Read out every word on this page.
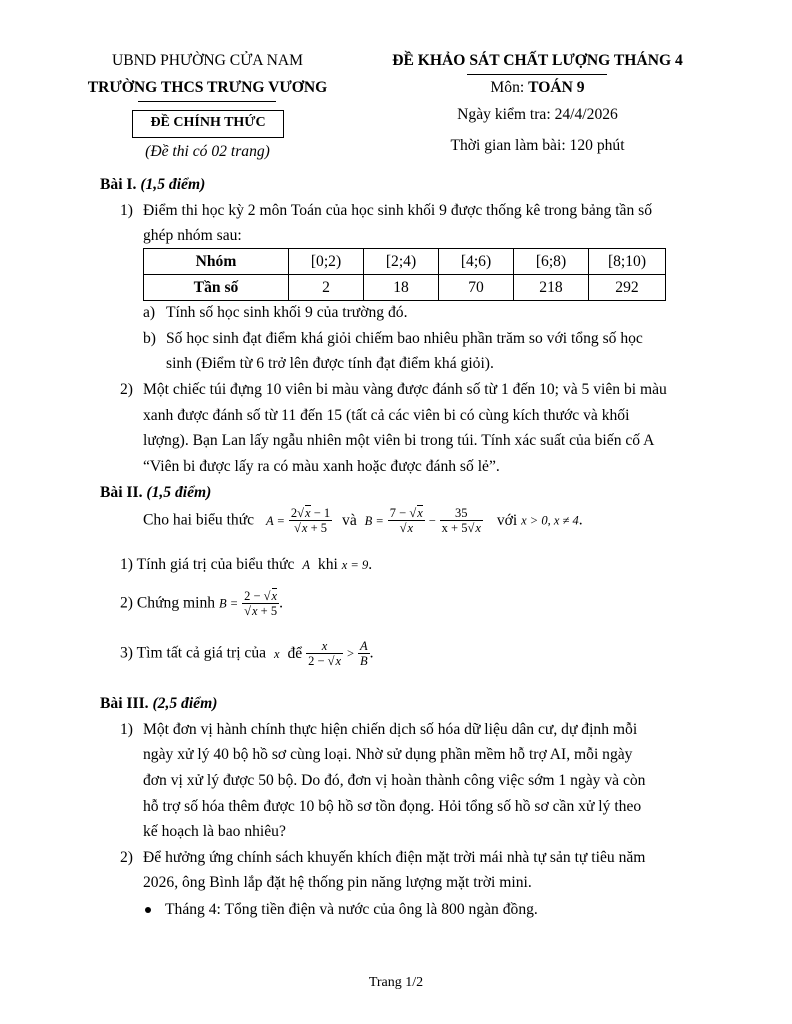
UBND PHƯỜNG CỬA NAM
TRƯỜNG THCS TRƯNG VƯƠNG
ĐỀ CHÍNH THỨC
(Đề thi có 02 trang)
ĐỀ KHẢO SÁT CHẤT LƯỢNG THÁNG 4
Môn: TOÁN 9
Ngày kiểm tra: 24/4/2026
Thời gian làm bài: 120 phút
Bài I. (1,5 điểm)
1) Điểm thi học kỳ 2 môn Toán của học sinh khối 9 được thống kê trong bảng tần số
ghép nhóm sau:
Nhóm	[0;2)	[2;4)	[4;6)	[6;8)	[8;10)
Tần số	2	18	70	218	292
a) Tính số học sinh khối 9 của trường đó.
b) Số học sinh đạt điểm khá giỏi chiếm bao nhiêu phần trăm so với tổng số học
sinh (Điểm từ 6 trở lên được tính đạt điểm khá giỏi).
2) Một chiếc túi đựng 10 viên bi màu vàng được đánh số từ 1 đến 10; và 5 viên bi màu
xanh được đánh số từ 11 đến 15 (tất cả các viên bi có cùng kích thước và khối
lượng). Bạn Lan lấy ngẫu nhiên một viên bi trong túi. Tính xác suất của biến cố A
“Viên bi được lấy ra có màu xanh hoặc được đánh số lẻ”.
Bài II. (1,5 điểm)
Cho hai biểu thức $A = \frac{2√x - 1}{√x + 5}$ và $B = \frac{7 - √x}{√x} - \frac{35}{x + 5√x}$ với x > 0, x ≠ 4.
1) Tính giá trị của biểu thức A khi x = 9.
2) Chứng minh $B = \frac{2 - √x}{√x + 5}$ .
3) Tìm tất cả giá trị của x để $\frac{x}{2 - √x} > \frac{A}{B}$ .
Bài III. (2,5 điểm)
1) Một đơn vị hành chính thực hiện chiến dịch số hóa dữ liệu dân cư, dự định mỗi
ngày xử lý 40 bộ hồ sơ cùng loại. Nhờ sử dụng phần mềm hỗ trợ AI, mỗi ngày
đơn vị xử lý được 50 bộ. Do đó, đơn vị hoàn thành công việc sớm 1 ngày và còn
hỗ trợ số hóa thêm được 10 bộ hồ sơ tồn đọng. Hỏi tổng số hồ sơ cần xử lý theo
kế hoạch là bao nhiêu?
2) Để hưởng ứng chính sách khuyến khích điện mặt trời mái nhà tự sản tự tiêu năm
2026, ông Bình lắp đặt hệ thống pin năng lượng mặt trời mini.
Tháng 4: Tổng tiền điện và nước của ông là 800 ngàn đồng.
Trang 1/2
